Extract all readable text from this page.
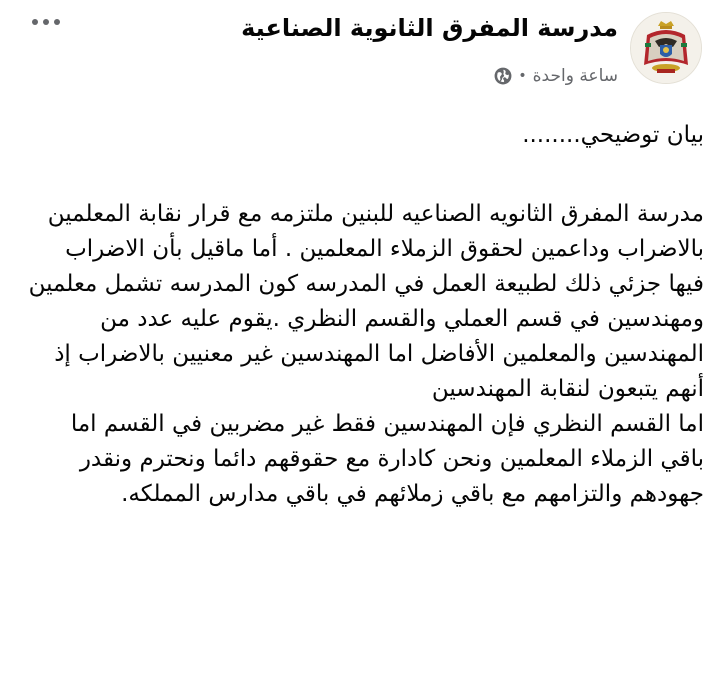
مدرسة المفرق الثانوية الصناعية
ساعة واحدة
•

بيان توضيحي........

مدرسة المفرق الثانويه الصناعيه للبنين ملتزمه مع قرار نقابة المعلمين بالاضراب وداعمين لحقوق الزملاء المعلمين . أما ماقيل بأن الاضراب فيها جزئي ذلك لطبيعة العمل في المدرسه كون المدرسه تشمل معلمين ومهندسين في قسم العملي والقسم النظري .يقوم عليه عدد من المهندسين والمعلمين الأفاضل اما المهندسين غير معنيين بالاضراب إذ أنهم يتبعون لنقابة المهندسين

اما القسم النظري فإن المهندسين فقط غير مضربين في القسم اما باقي الزملاء المعلمين ونحن كادارة مع حقوقهم دائما ونحترم ونقدر جهودهم والتزامهم مع باقي زملائهم في باقي مدارس المملكه.
